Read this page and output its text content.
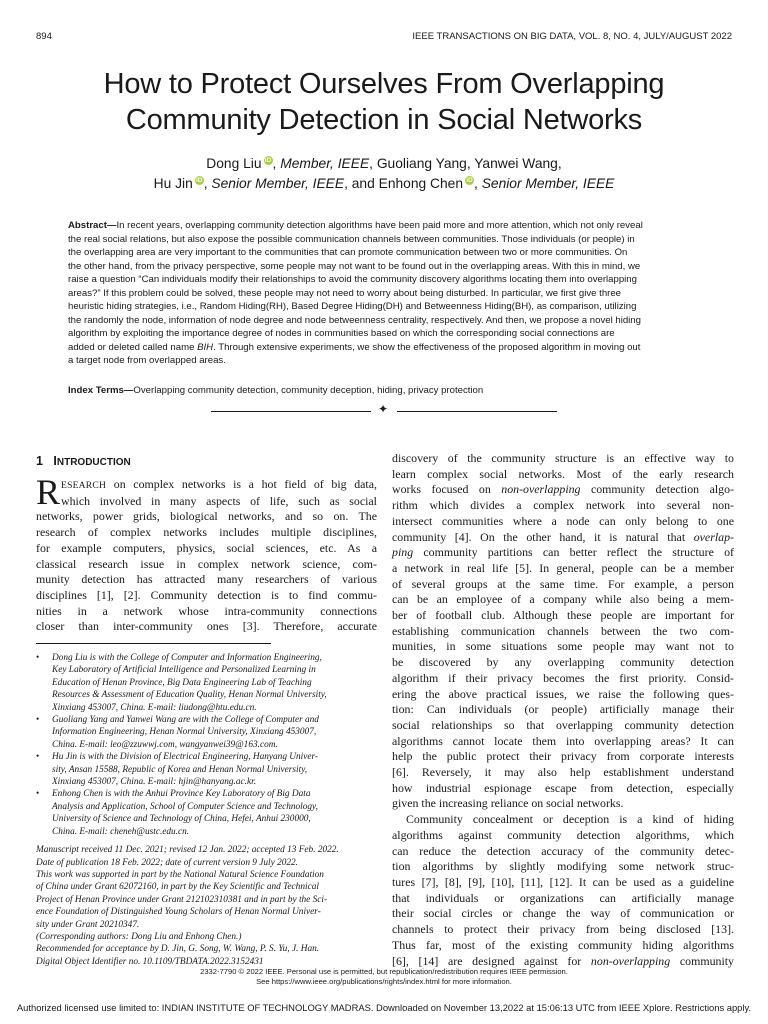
894	IEEE TRANSACTIONS ON BIG DATA, VOL. 8, NO. 4, JULY/AUGUST 2022
How to Protect Ourselves From Overlapping
Community Detection in Social Networks
Dong Liu iD, Member, IEEE, Guoliang Yang, Yanwei Wang,
Hu Jin iD, Senior Member, IEEE, and Enhong Chen iD, Senior Member, IEEE
Abstract—In recent years, overlapping community detection algorithms have been paid more and more attention, which not only reveal
the real social relations, but also expose the possible communication channels between communities. Those individuals (or people) in
the overlapping area are very important to the communities that can promote communication between two or more communities. On
the other hand, from the privacy perspective, some people may not want to be found out in the overlapping areas. With this in mind, we
raise a question “Can individuals modify their relationships to avoid the community discovery algorithms locating them into overlapping
areas?” If this problem could be solved, these people may not need to worry about being disturbed. In particular, we first give three
heuristic hiding strategies, i.e., Random Hiding(RH), Based Degree Hiding(DH) and Betweenness Hiding(BH), as comparison, utilizing
the randomly the node, information of node degree and node betweenness centrality, respectively. And then, we propose a novel hiding
algorithm by exploiting the importance degree of nodes in communities based on which the corresponding social connections are
added or deleted called name BIH. Through extensive experiments, we show the effectiveness of the proposed algorithm in moving out
a target node from overlapped areas.
Index Terms—Overlapping community detection, community deception, hiding, privacy protection
✦
1 INTRODUCTION
R ESEARCH on complex networks is a hot field of big data,
which involved in many aspects of life, such as social
networks, power grids, biological networks, and so on. The
research of complex networks includes multiple disciplines,
for example computers, physics, social sciences, etc. As a
classical research issue in complex network science, com-
munity detection has attracted many researchers of various
disciplines [1], [2]. Community detection is to find commu-
nities in a network whose intra-community connections
closer than inter-community ones [3]. Therefore, accurate
• Dong Liu is with the College of Computer and Information Engineering,
Key Laboratory of Artificial Intelligence and Personalized Learning in
Education of Henan Province, Big Data Engineering Lab of Teaching
Resources & Assessment of Education Quality, Henan Normal University,
Xinxiang 453007, China. E-mail: liudong@htu.edu.cn.
• Guoliang Yang and Yanwei Wang are with the College of Computer and
Information Engineering, Henan Normal University, Xinxiang 453007,
China. E-mail: leo@zzuwwj.com, wangyanwei39@163.com.
• Hu Jin is with the Division of Electrical Engineering, Hanyang Univer-
sity, Ansan 15588, Republic of Korea and Henan Normal University,
Xinxiang 453007, China. E-mail: hjin@hanyang.ac.kr.
• Enhong Chen is with the Anhui Province Key Laboratory of Big Data
Analysis and Application, School of Computer Science and Technology,
University of Science and Technology of China, Hefei, Anhui 230000,
China. E-mail: cheneh@ustc.edu.cn.
Manuscript received 11 Dec. 2021; revised 12 Jan. 2022; accepted 13 Feb. 2022.
Date of publication 18 Feb. 2022; date of current version 9 July 2022.
This work was supported in part by the National Natural Science Foundation
of China under Grant 62072160, in part by the Key Scientific and Technical
Project of Henan Province under Grant 212102310381 and in part by the Sci-
ence Foundation of Distinguished Young Scholars of Henan Normal Univer-
sity under Grant 20210347.
(Corresponding authors: Dong Liu and Enhong Chen.)
Recommended for acceptance by D. Jin, G. Song, W. Wang, P. S. Yu, J. Han.
Digital Object Identifier no. 10.1109/TBDATA.2022.3152431
discovery of the community structure is an effective way to
learn complex social networks. Most of the early research
works focused on non-overlapping community detection algo-
rithm which divides a complex network into several non-
intersect communities where a node can only belong to one
community [4]. On the other hand, it is natural that overlap-
ping community partitions can better reflect the structure of
a network in real life [5]. In general, people can be a member
of several groups at the same time. For example, a person
can be an employee of a company while also being a mem-
ber of football club. Although these people are important for
establishing communication channels between the two com-
munities, in some situations some people may want not to
be discovered by any overlapping community detection
algorithm if their privacy becomes the first priority. Consid-
ering the above practical issues, we raise the following ques-
tion: Can individuals (or people) artificially manage their
social relationships so that overlapping community detection
algorithms cannot locate them into overlapping areas? It can
help the public protect their privacy from corporate interests
[6]. Reversely, it may also help establishment understand
how industrial espionage escape from detection, especially
given the increasing reliance on social networks.
Community concealment or deception is a kind of hiding
algorithms against community detection algorithms, which
can reduce the detection accuracy of the community detec-
tion algorithms by slightly modifying some network struc-
tures [7], [8], [9], [10], [11], [12]. It can be used as a guideline
that individuals or organizations can artificially manage
their social circles or change the way of communication or
channels to protect their privacy from being disclosed [13].
Thus far, most of the existing community hiding algorithms
[6], [14] are designed against for non-overlapping community
2332-7790 © 2022 IEEE. Personal use is permitted, but republication/redistribution requires IEEE permission.
See https://www.ieee.org/publications/rights/index.html for more information.
Authorized licensed use limited to: INDIAN INSTITUTE OF TECHNOLOGY MADRAS. Downloaded on November 13,2022 at 15:06:13 UTC from IEEE Xplore. Restrictions apply.
